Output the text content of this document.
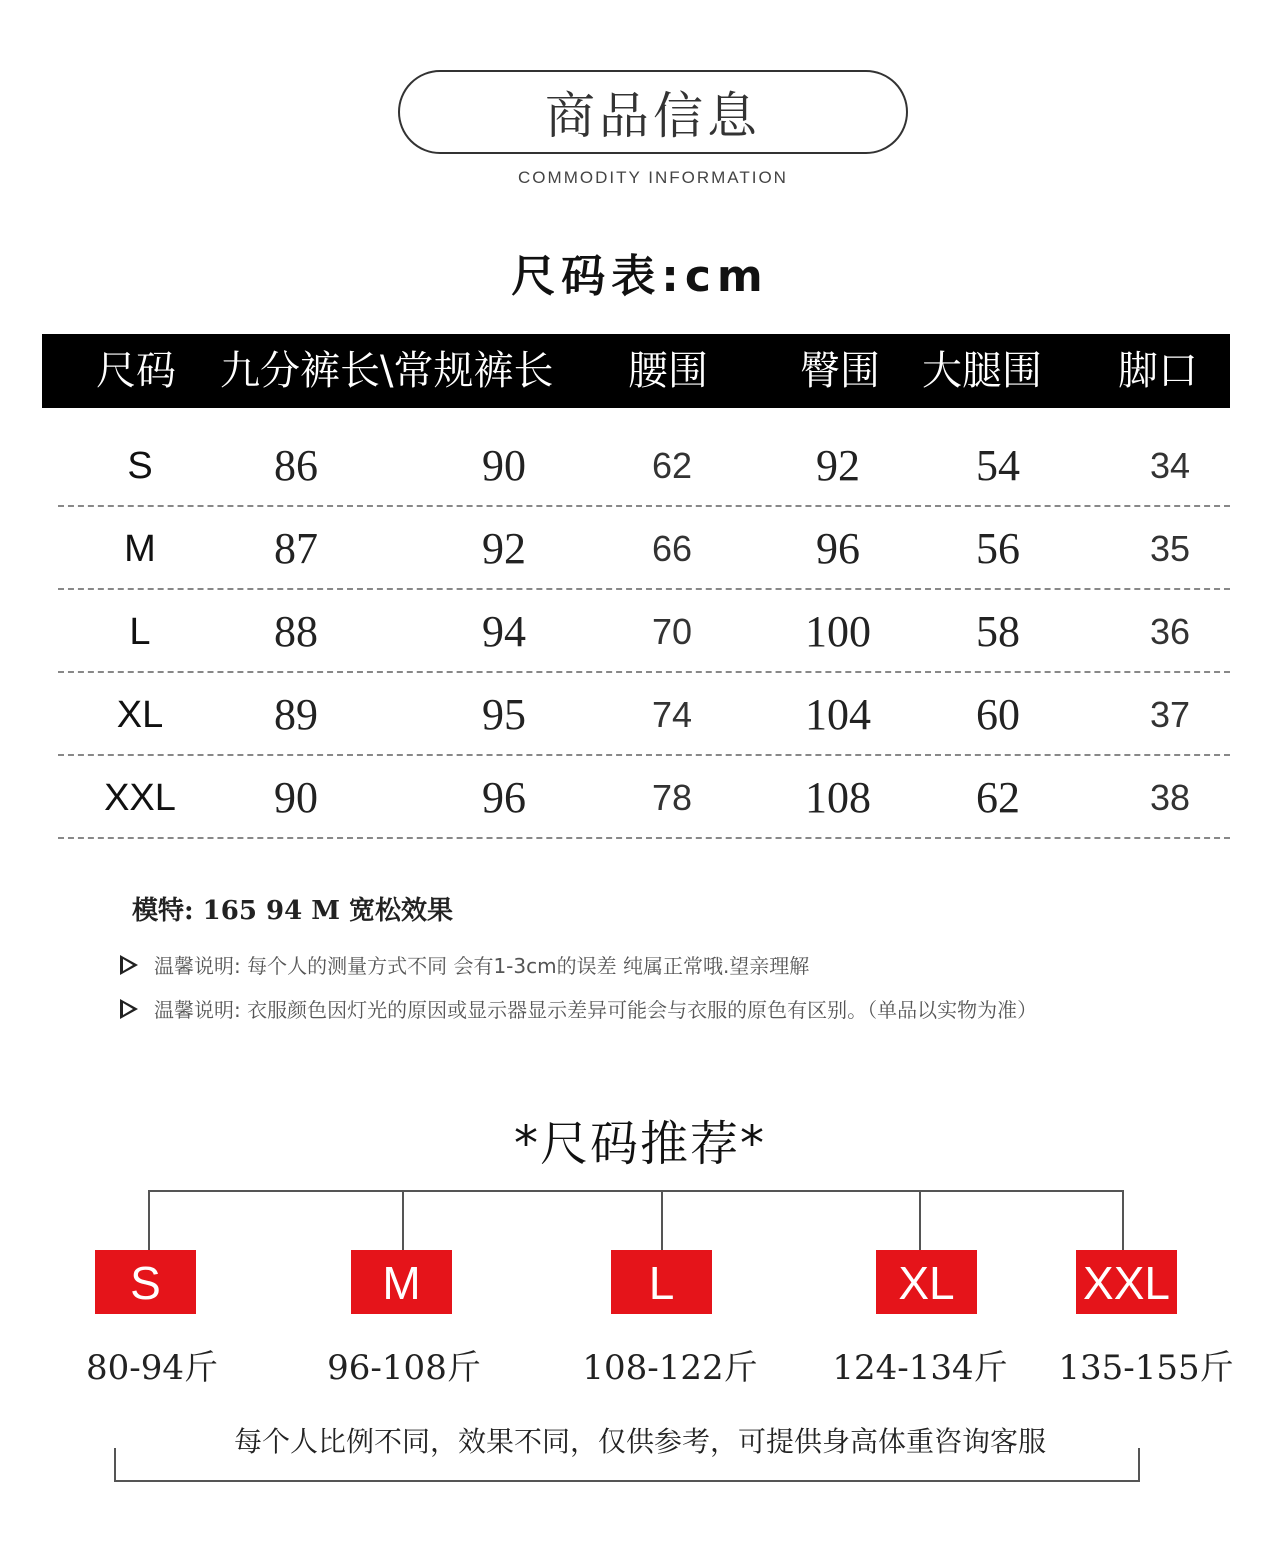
商品信息
COMMODITY INFORMATION
尺码表:cm
尺码 九分裤长\常规裤长 腰围 臀围 大腿围 脚口
S	86	90	62	92	54	34
M	87	92	66	96	56	35
L	88	94	70	100	58	36
XL	89	95	74	104	60	37
XXL	90	96	78	108	62	38
模特: 165 94 M 宽松效果
温馨说明: 每个人的测量方式不同 会有1-3cm的误差 纯属正常哦.望亲理解
温馨说明: 衣服颜色因灯光的原因或显示器显示差异可能会与衣服的原色有区别。（单品以实物为准）
*尺码推荐*
S	M	L	XL	XXL
80-94斤	96-108斤	108-122斤	124-134斤	135-155斤
每个人比例不同，效果不同，仅供参考，可提供身高体重咨询客服
